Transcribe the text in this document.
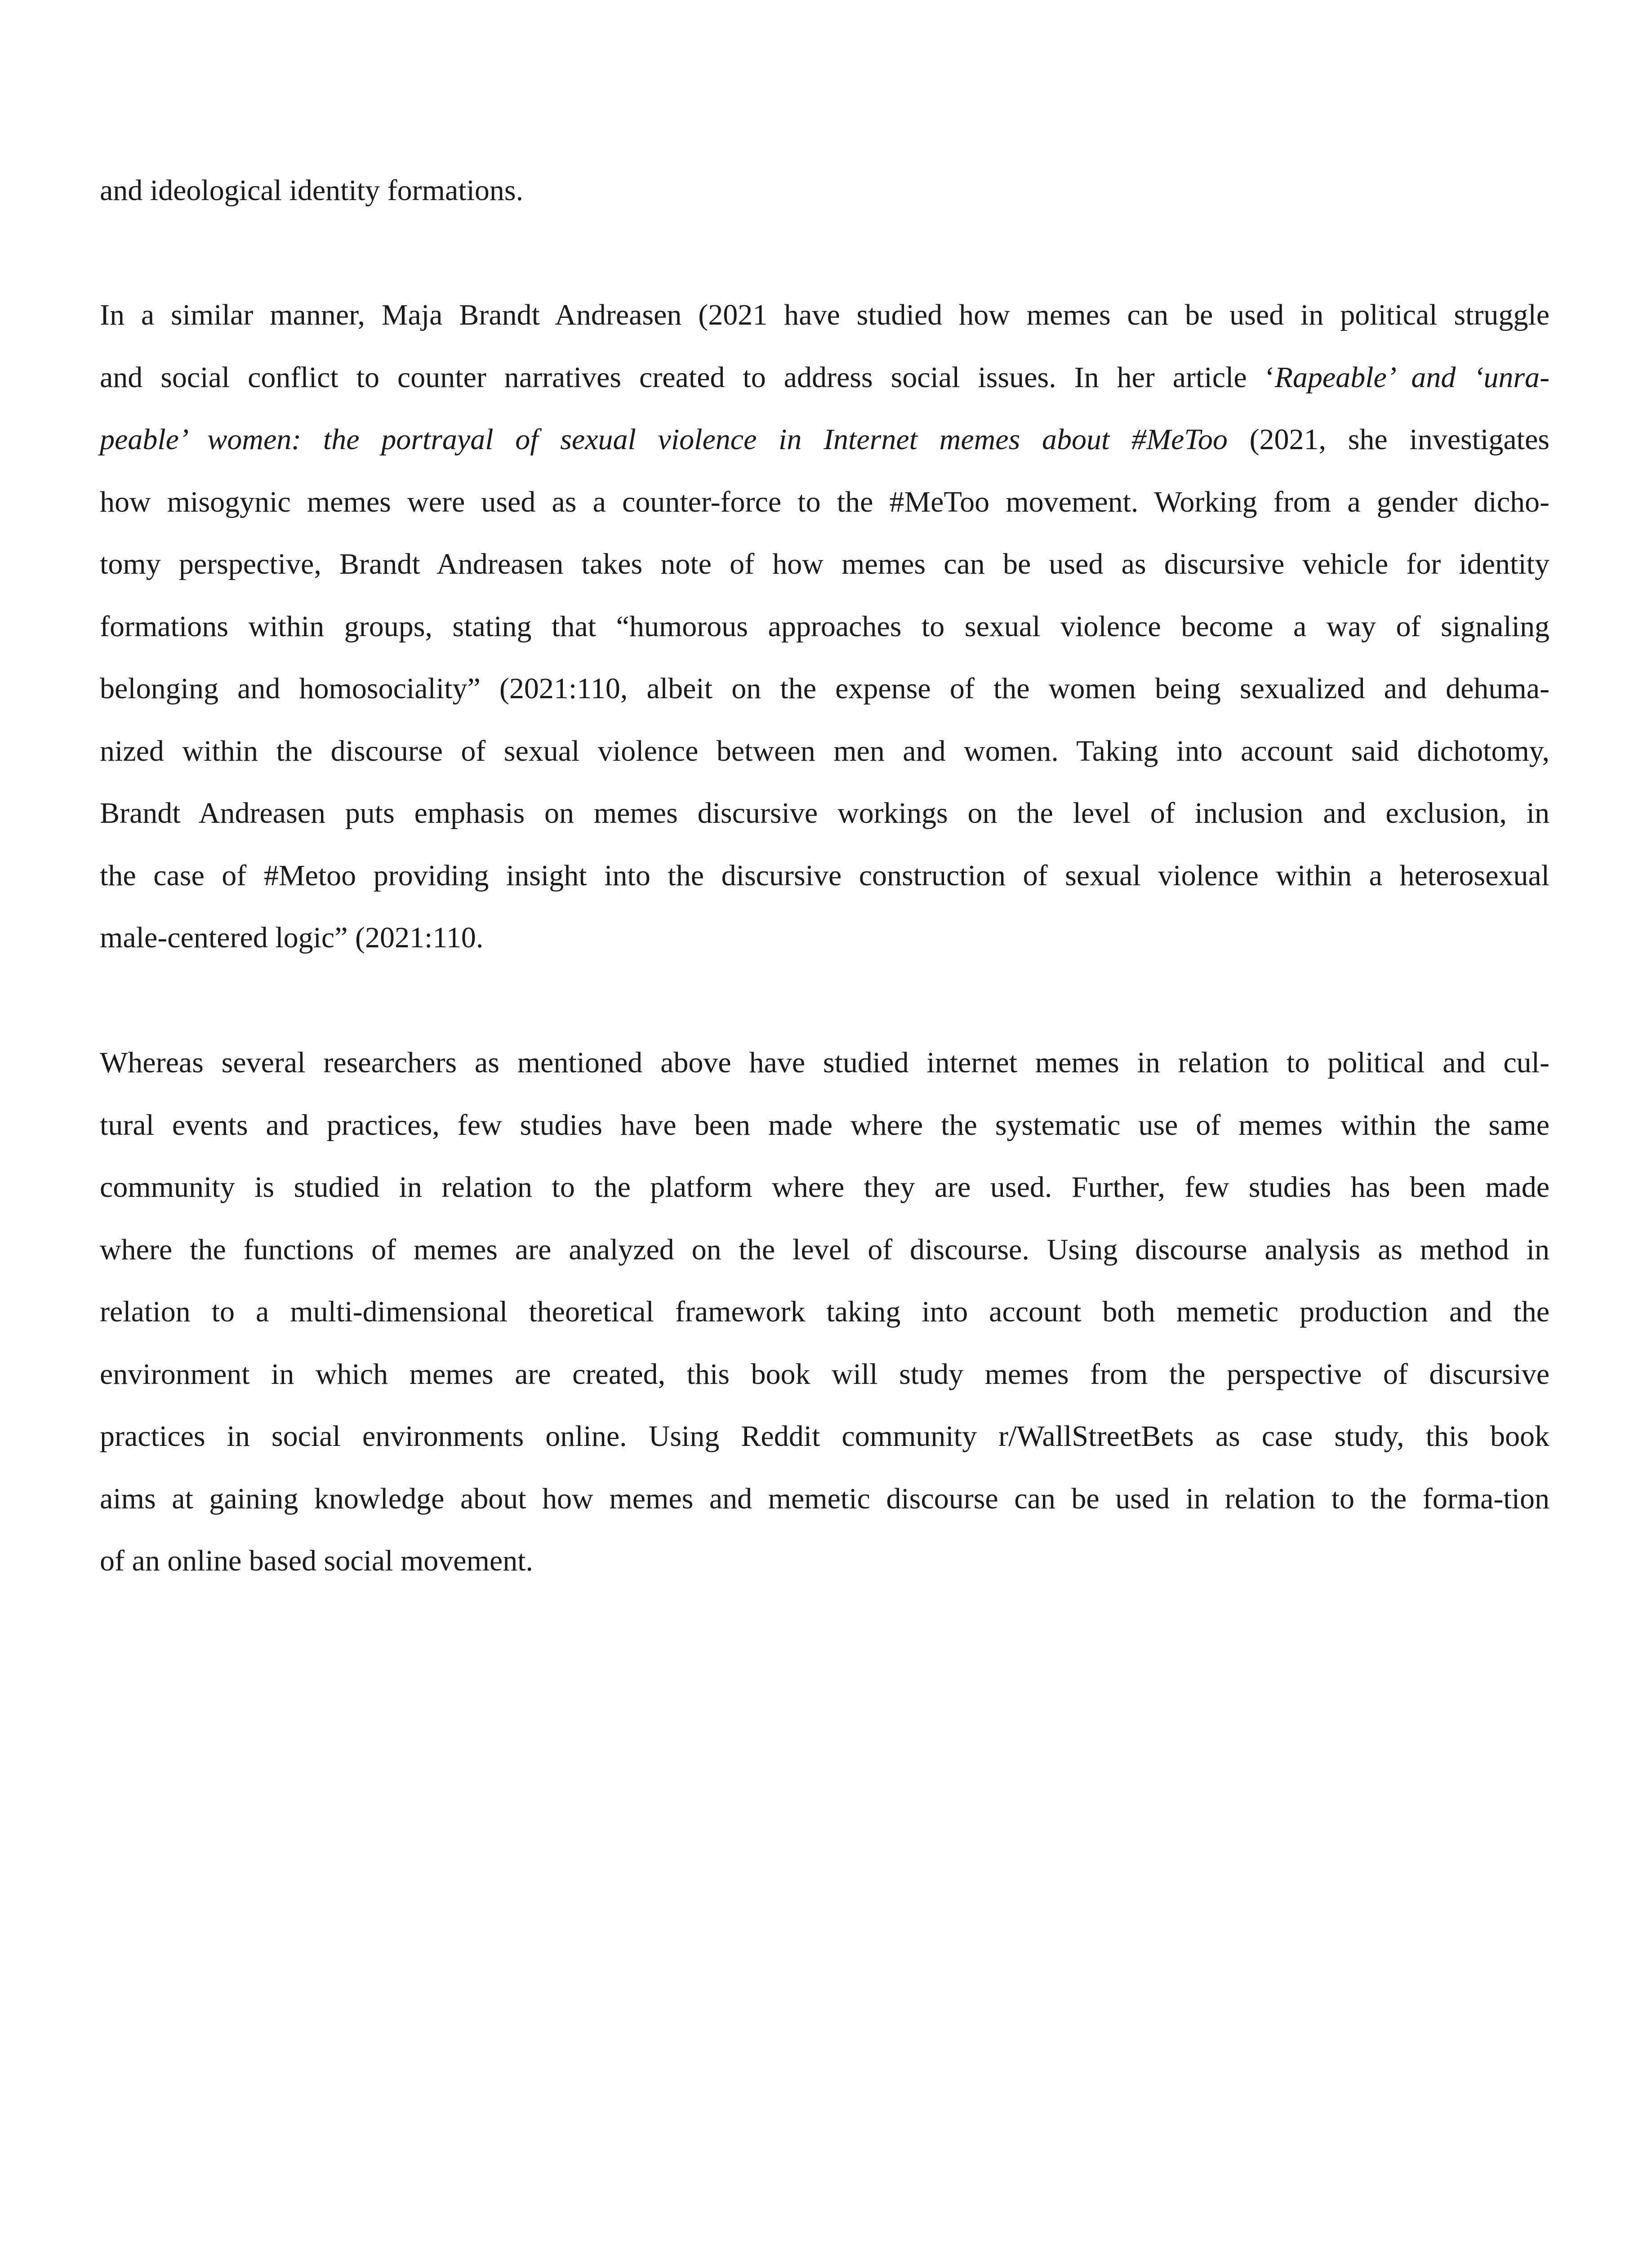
and ideological identity formations.
In a similar manner, Maja Brandt Andreasen (2021 have studied how memes can be used in political struggle
and social conflict to counter narratives created to address social issues. In her article ‘Rapeable’ and ‘unra-
peable’ women: the portrayal of sexual violence in Internet memes about #MeToo (2021, she investigates
how misogynic memes were used as a counter-force to the #MeToo movement. Working from a gender dicho-
tomy perspective, Brandt Andreasen takes note of how memes can be used as discursive vehicle for identity
formations within groups, stating that “humorous approaches to sexual violence become a way of signaling
belonging and homosociality” (2021:110, albeit on the expense of the women being sexualized and dehuma-
nized within the discourse of sexual violence between men and women. Taking into account said dichotomy,
Brandt Andreasen puts emphasis on memes discursive workings on the level of inclusion and exclusion, in
the case of #Metoo providing insight into the discursive construction of sexual violence within a heterosexual
male-centered logic” (2021:110.
Whereas several researchers as mentioned above have studied internet memes in relation to political and cul-
tural events and practices, few studies have been made where the systematic use of memes within the same
community is studied in relation to the platform where they are used. Further, few studies has been made
where the functions of memes are analyzed on the level of discourse. Using discourse analysis as method in
relation to a multi-dimensional theoretical framework taking into account both memetic production and the
environment in which memes are created, this book will study memes from the perspective of discursive
practices in social environments online. Using Reddit community r/WallStreetBets as case study, this book
aims at gaining knowledge about how memes and memetic discourse can be used in relation to the forma-tion
of an online based social movement.
